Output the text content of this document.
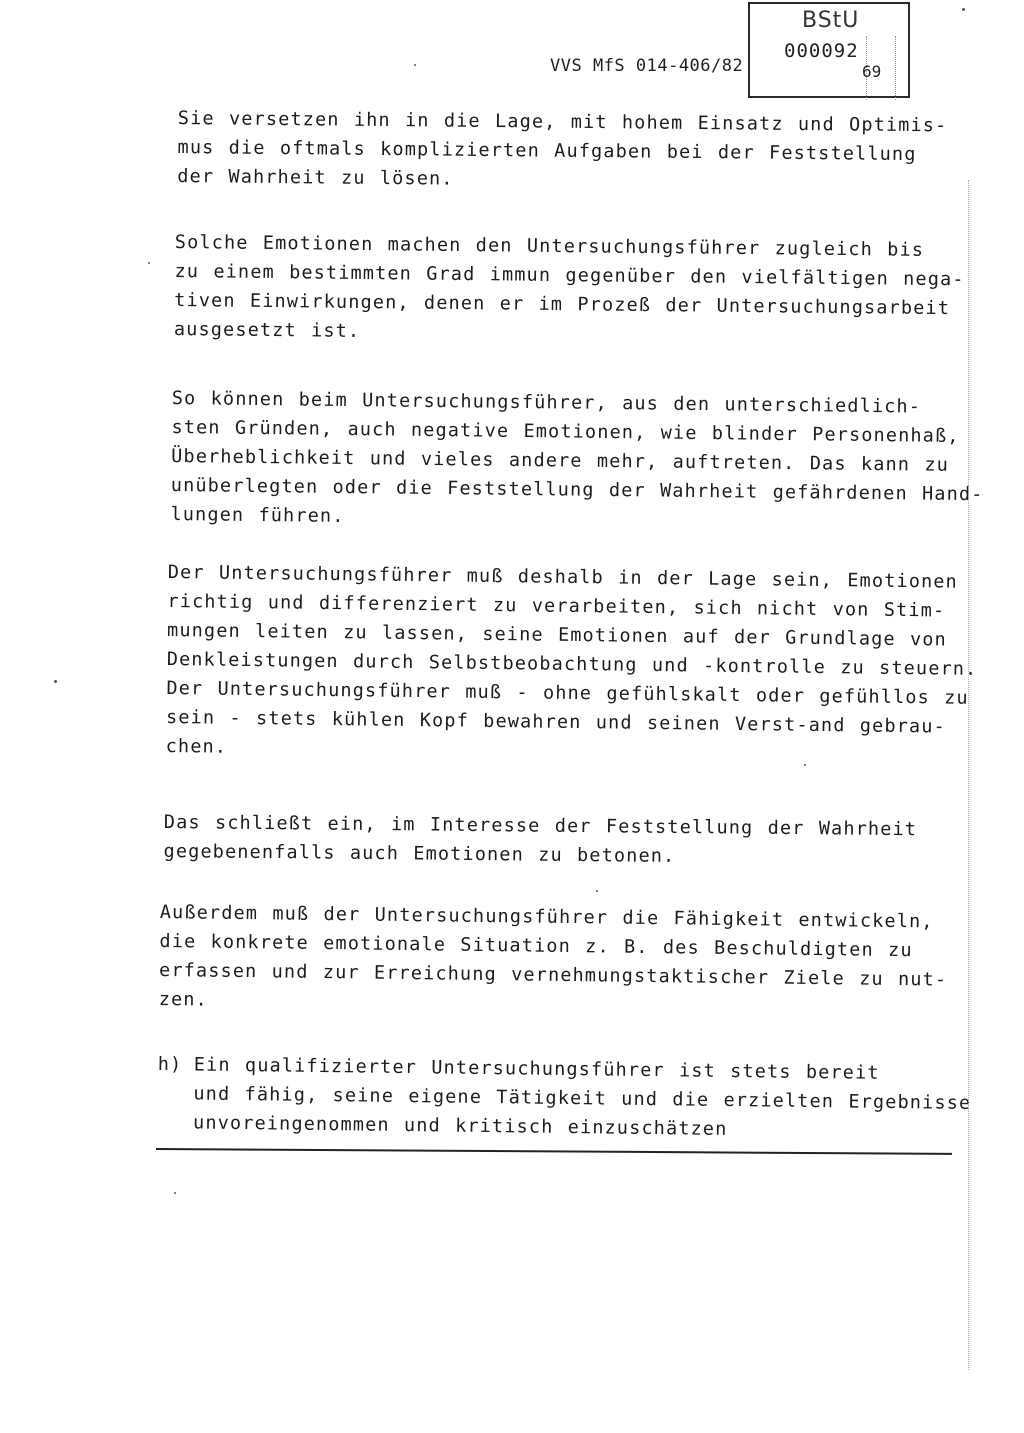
BStU
000092
69
VVS MfS 014-406/82

Sie versetzen ihn in die Lage, mit hohem Einsatz und Optimis-
mus die oftmals komplizierten Aufgaben bei der Feststellung
der Wahrheit zu lösen.

Solche Emotionen machen den Untersuchungsführer zugleich bis
zu einem bestimmten Grad immun gegenüber den vielfältigen nega-
tiven Einwirkungen, denen er im Prozeß der Untersuchungsarbeit
ausgesetzt ist.

So können beim Untersuchungsführer, aus den unterschiedlich-
sten Gründen, auch negative Emotionen, wie blinder Personenhaß,
Überheblichkeit und vieles andere mehr, auftreten. Das kann zu
unüberlegten oder die Feststellung der Wahrheit gefährdenen Hand-
lungen führen.

Der Untersuchungsführer muß deshalb in der Lage sein, Emotionen
richtig und differenziert zu verarbeiten, sich nicht von Stim-
mungen leiten zu lassen, seine Emotionen auf der Grundlage von
Denkleistungen durch Selbstbeobachtung und -kontrolle zu steuern.
Der Untersuchungsführer muß - ohne gefühlskalt oder gefühllos zu
sein - stets kühlen Kopf bewahren und seinen Verst-and gebrau-
chen.

Das schließt ein, im Interesse der Feststellung der Wahrheit
gegebenenfalls auch Emotionen zu betonen.

Außerdem muß der Untersuchungsführer die Fähigkeit entwickeln,
die konkrete emotionale Situation z. B. des Beschuldigten zu
erfassen und zur Erreichung vernehmungstaktischer Ziele zu nut-
zen.

h) Ein qualifizierter Untersuchungsführer ist stets bereit
und fähig, seine eigene Tätigkeit und die erzielten Ergebnisse
unvoreingenommen und kritisch einzuschätzen
